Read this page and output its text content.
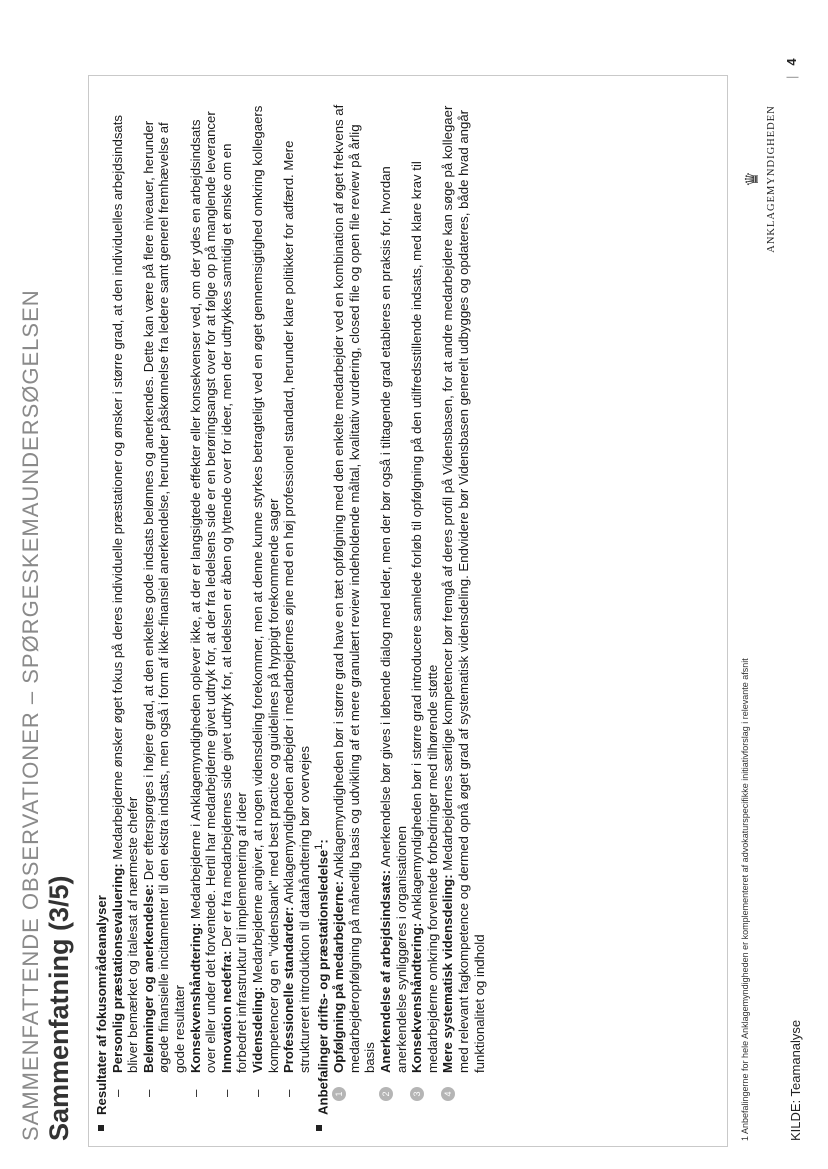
SAMMENFATTENDE OBSERVATIONER – SPØRGESKEMAUNDERSØGELSEN Sammenfatning (3/5) Resultater af fokusområdeanalyser –
Personlig præstationsevaluering: Medarbejderne ønsker øget fokus på deres individuelle præstationer og ønsker i større grad, at den individuelles arbejdsindsats bliver bemærket og italesat af nærmeste chefer
–
Belønninger og anerkendelse: Der efterspørges i højere grad, at den enkeltes gode indsats belønnes og anerkendes. Dette kan være på flere niveauer, herunder øgede finansielle incitamenter til den ekstra indsats, men også i form af ikke-finansiel anerkendelse, herunder påskønnelse fra ledere samt generel fremhævelse af gode resultater
–
Konsekvenshåndtering: Medarbejderne i Anklagemyndigheden oplever ikke, at der er langsigtede effekter eller konsekvenser ved, om der ydes en arbejdsindsats over eller under det forventede. Hertil har medarbejderne givet udtryk for, at der fra ledelsens side er en berøringsangst over for at følge op på manglende leverancer
–
Innovation nedefra: Der er fra medarbejdernes side givet udtryk for, at ledelsen er åben og lyttende over for ideer, men der udtrykkes samtidig et ønske om en forbedret infrastruktur til implementering af ideer
–
Vidensdeling: Medarbejderne angiver, at nogen vidensdeling forekommer, men at denne kunne styrkes betragteligt ved en øget gennemsigtighed omkring kollegaers kompetencer og en "vidensbank" med best practice og guidelines på hyppigt forekommende sager
–
Professionelle standarder: Anklagemyndigheden arbejder i medarbejdernes øjne med en høj professionel standard, herunder klare politikker for adfærd. Mere struktureret introduktion til datahåndtering bør overvejes Anbefalinger drifts- og præstationsledelse$^1$:
1
Opfølgning på medarbejderne: Anklagemyndigheden bør i større grad have en tæt opfølgning med den enkelte medarbejder ved en kombination af øget frekvens af medarbejderopfølgning på månedlig basis og udvikling af et mere granulært review indeholdende måltal, kvalitativ vurdering, closed file og open file review på årlig basis
2
Anerkendelse af arbejdsindsats: Anerkendelse bør gives i løbende dialog med leder, men der bør også i tiltagende grad etableres en praksis for, hvordan anerkendelse synliggøres i organisationen
3
Konsekvenshåndtering: Anklagemyndigheden bør i større grad introducere samlede forløb til opfølgning på den utilfredsstillende indsats, med klare krav til medarbejderne omkring forventede forbedringer med tilhørende støtte
4
Mere systematisk vidensdeling: Medarbejdernes særlige kompetencer bør fremgå af deres profil på Vidensbasen, for at andre medarbejdere kan søge på kollegaer med relevant fagkompetence og dermed opnå øget grad af systematisk vidensdeling. Endvidere bør Vidensbasen generelt udbygges og opdateres, både hvad angår funktionalitet og indhold	1 Anbefalingerne for hele Anklagemyndigheden er komplementeret af advokaturspecifikke initiativforslag i relevante afsnit	KILDE: Teamanalyse
♛ ANKLAGEMYNDIGHEDEN
|4
